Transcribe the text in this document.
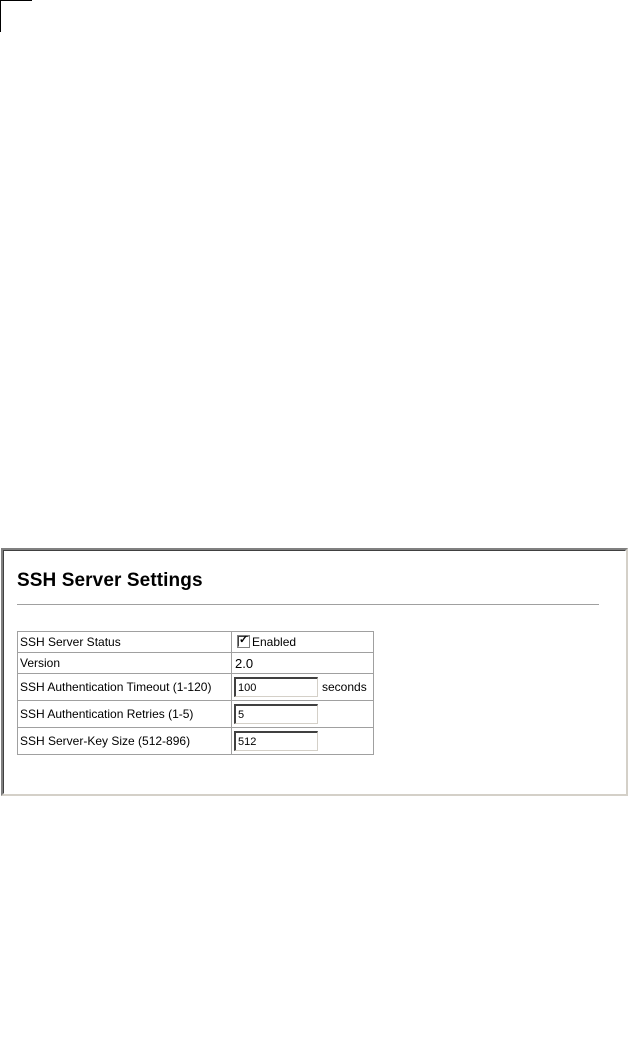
SSH Server Settings
SSH Server Status	✓ Enabled
Version	2.0
SSH Authentication Timeout (1-120)	100 seconds
SSH Authentication Retries (1-5)	5
SSH Server-Key Size (512-896)	512
